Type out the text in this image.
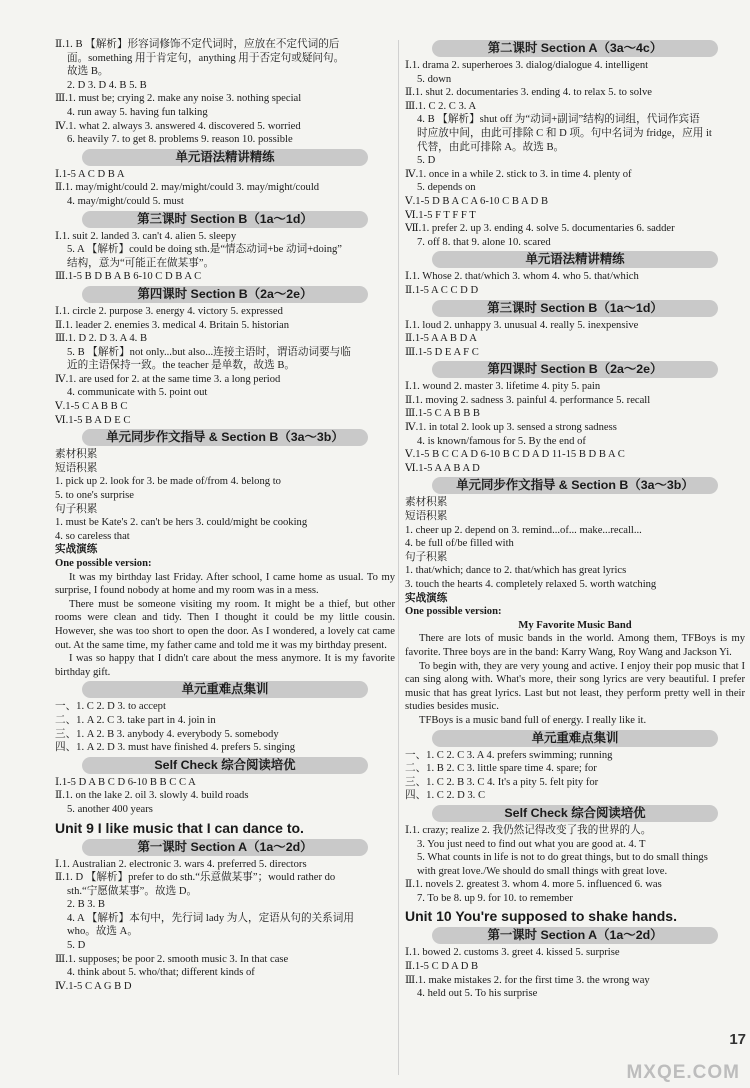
Ⅱ.1. B 【解析】形容词修饰不定代词时，应放在不定代词的后
面。something 用于肯定句，anything 用于否定句或疑问句。
故选 B。
2. D 3. D 4. B 5. B
Ⅲ.1. must be; crying 2. make any noise 3. nothing special
4. run away 5. having fun talking
Ⅳ.1. what 2. always 3. answered 4. discovered 5. worried
6. heavily 7. to get 8. problems 9. reason 10. possible
单元语法精讲精练
Ⅰ.1-5 A C D B A
Ⅱ.1. may/might/could 2. may/might/could 3. may/might/could
4. may/might/could 5. must
第三课时 Section B（1a～1d）
Ⅰ.1. suit 2. landed 3. can't 4. alien 5. sleepy
5. A 【解析】could be doing sth.是“情态动词+be 动词+doing”
结构，意为“可能正在做某事”。
Ⅲ.1-5 B D B A B 6-10 C D B A C
第四课时 Section B（2a～2e）
Ⅰ.1. circle 2. purpose 3. energy 4. victory 5. expressed
Ⅱ.1. leader 2. enemies 3. medical 4. Britain 5. historian
Ⅲ.1. D 2. D 3. A 4. B
5. B 【解析】not only...but also...连接主语时，谓语动词要与临
近的主语保持一致。the teacher 是单数，故选 B。
Ⅳ.1. are used for 2. at the same time 3. a long period
4. communicate with 5. point out
Ⅴ.1-5 C A B B C
Ⅵ.1-5 B A D E C
单元同步作文指导 & Section B（3a～3b）
素材积累
短语积累
1. pick up 2. look for 3. be made of/from 4. belong to
5. to one's surprise
句子积累
1. must be Kate's 2. can't be hers 3. could/might be cooking
4. so careless that
实战演练
One possible version:
It was my birthday last Friday. After school, I came home as usual. To my surprise, I found nobody at home and my room was in a mess.
There must be someone visiting my room. It might be a thief, but other rooms were clean and tidy. Then I thought it could be my little cousin. However, she was too short to open the door. As I wondered, a lovely cat came out. At the same time, my father came and told me it was my birthday present.
I was so happy that I didn't care about the mess anymore. It is my favorite birthday gift.
单元重难点集训
一、1. C 2. D 3. to accept
二、1. A 2. C 3. take part in 4. join in
三、1. A 2. B 3. anybody 4. everybody 5. somebody
四、1. A 2. D 3. must have finished 4. prefers 5. singing
Self Check 综合阅读培优
Ⅰ.1-5 D A B C D 6-10 B B C C A
Ⅱ.1. on the lake 2. oil 3. slowly 4. build roads
5. another 400 years
Unit 9 I like music that I can dance to.
第一课时 Section A（1a～2d）
Ⅰ.1. Australian 2. electronic 3. wars 4. preferred 5. directors
Ⅱ.1. D 【解析】prefer to do sth.“乐意做某事”；would rather do
sth.“宁愿做某事”。故选 D。
2. B 3. B
4. A 【解析】本句中，先行词 lady 为人，定语从句的关系词用
who。故选 A。
5. D
Ⅲ.1. supposes; be poor 2. smooth music 3. In that case
4. think about 5. who/that; different kinds of
Ⅳ.1-5 C A G B D
第二课时 Section A（3a～4c）
Ⅰ.1. drama 2. superheroes 3. dialog/dialogue 4. intelligent
5. down
Ⅱ.1. shut 2. documentaries 3. ending 4. to relax 5. to solve
Ⅲ.1. C 2. C 3. A
4. B 【解析】shut off 为“动词+副词”结构的词组，代词作宾语
时应放中间，由此可排除 C 和 D 项。句中名词为 fridge，应用 it
代替，由此可排除 A。故选 B。
5. D
Ⅳ.1. once in a while 2. stick to 3. in time 4. plenty of
5. depends on
Ⅴ.1-5 D B A C A 6-10 C B A D B
Ⅵ.1-5 F T F F T
Ⅶ.1. prefer 2. up 3. ending 4. solve 5. documentaries 6. sadder
7. off 8. that 9. alone 10. scared
单元语法精讲精练
Ⅰ.1. Whose 2. that/which 3. whom 4. who 5. that/which
Ⅱ.1-5 A C C D D
第三课时 Section B（1a～1d）
Ⅰ.1. loud 2. unhappy 3. unusual 4. really 5. inexpensive
Ⅱ.1-5 A A B D A
Ⅲ.1-5 D E A F C
第四课时 Section B（2a～2e）
Ⅰ.1. wound 2. master 3. lifetime 4. pity 5. pain
Ⅱ.1. moving 2. sadness 3. painful 4. performance 5. recall
Ⅲ.1-5 C A B B B
Ⅳ.1. in total 2. look up 3. sensed a strong sadness
4. is known/famous for 5. By the end of
Ⅴ.1-5 B C C A D 6-10 B C D A D 11-15 B D B A C
Ⅵ.1-5 A A B A D
单元同步作文指导 & Section B（3a～3b）
素材积累
短语积累
1. cheer up 2. depend on 3. remind...of... make...recall...
4. be full of/be filled with
句子积累
1. that/which; dance to 2. that/which has great lyrics
3. touch the hearts 4. completely relaxed 5. worth watching
实战演练
One possible version:
My Favorite Music Band
There are lots of music bands in the world. Among them, TFBoys is my favorite. Three boys are in the band: Karry Wang, Roy Wang and Jackson Yi.
To begin with, they are very young and active. I enjoy their pop music that I can sing along with. What's more, their song lyrics are very beautiful. I prefer music that has great lyrics. Last but not least, they perform pretty well in their studies besides music.
TFBoys is a music band full of energy. I really like it.
单元重难点集训
一、1. C 2. C 3. A 4. prefers swimming; running
二、1. B 2. C 3. little spare time 4. spare; for
三、1. C 2. B 3. C 4. It's a pity 5. felt pity for
四、1. C 2. D 3. C
Self Check 综合阅读培优
Ⅰ.1. crazy; realize 2. 我仍然记得改变了我的世界的人。
3. You just need to find out what you are good at. 4. T
5. What counts in life is not to do great things, but to do small things
with great love./We should do small things with great love.
Ⅱ.1. novels 2. greatest 3. whom 4. more 5. influenced 6. was
7. To be 8. up 9. for 10. to remember
Unit 10 You're supposed to shake hands.
第一课时 Section A（1a～2d）
Ⅰ.1. bowed 2. customs 3. greet 4. kissed 5. surprise
Ⅱ.1-5 C D A D B
Ⅲ.1. make mistakes 2. for the first time 3. the wrong way
4. held out 5. To his surprise
17
MXQE.COM
